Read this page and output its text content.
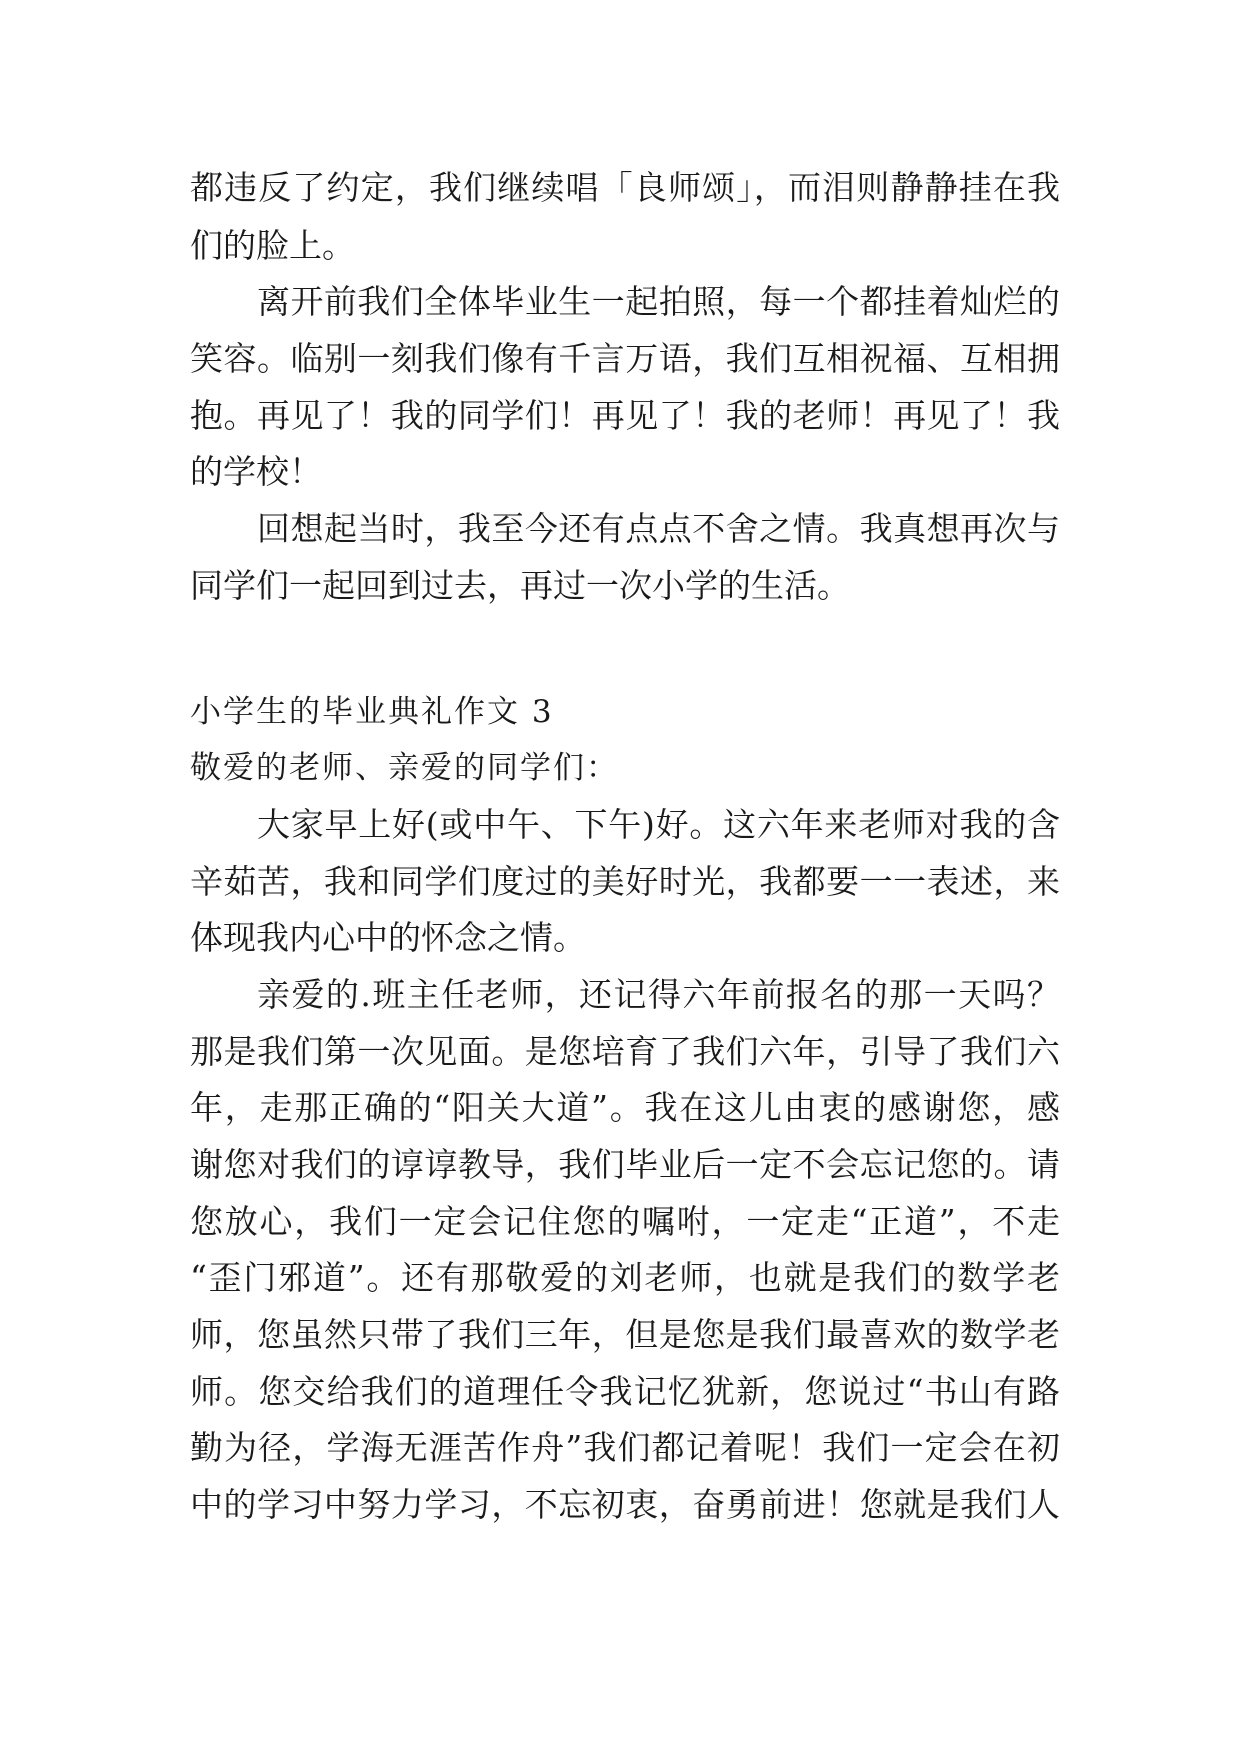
都违反了约定，我们继续唱「良师颂」，而泪则静静挂在我
们的脸上。
离开前我们全体毕业生一起拍照，每一个都挂着灿烂的
笑容。临别一刻我们像有千言万语，我们互相祝福、互相拥
抱。再见了！我的同学们！再见了！我的老师！再见了！我
的学校！
回想起当时，我至今还有点点不舍之情。我真想再次与
同学们一起回到过去，再过一次小学的生活。
小学生的毕业典礼作文 3
敬爱的老师、亲爱的同学们：
大家早上好(或中午、下午)好。这六年来老师对我的含
辛茹苦，我和同学们度过的美好时光，我都要一一表述，来
体现我内心中的怀念之情。
亲爱的.班主任老师，还记得六年前报名的那一天吗？
那是我们第一次见面。是您培育了我们六年，引导了我们六
年，走那正确的“阳关大道”。我在这儿由衷的感谢您，感
谢您对我们的谆谆教导，我们毕业后一定不会忘记您的。请
您放心，我们一定会记住您的嘱咐，一定走“正道”，不走
“歪门邪道”。还有那敬爱的刘老师，也就是我们的数学老
师，您虽然只带了我们三年，但是您是我们最喜欢的数学老
师。您交给我们的道理任令我记忆犹新，您说过“书山有路
勤为径，学海无涯苦作舟”我们都记着呢！我们一定会在初
中的学习中努力学习，不忘初衷，奋勇前进！您就是我们人
